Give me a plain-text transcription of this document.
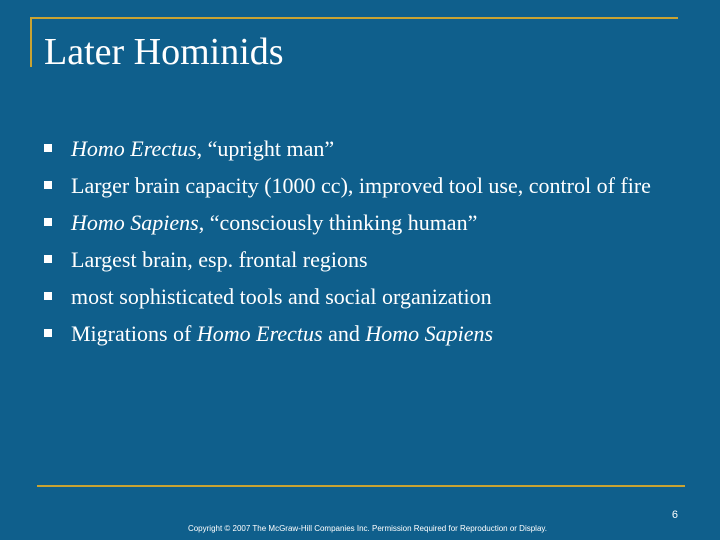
Later Hominids
Homo Erectus, “upright man”
Larger brain capacity (1000 cc), improved tool use, control of fire
Homo Sapiens, “consciously thinking human”
Largest brain, esp. frontal regions
most sophisticated tools and social organization
Migrations of Homo Erectus and Homo Sapiens
6
Copyright © 2007 The McGraw-Hill Companies Inc. Permission Required for Reproduction or Display.
